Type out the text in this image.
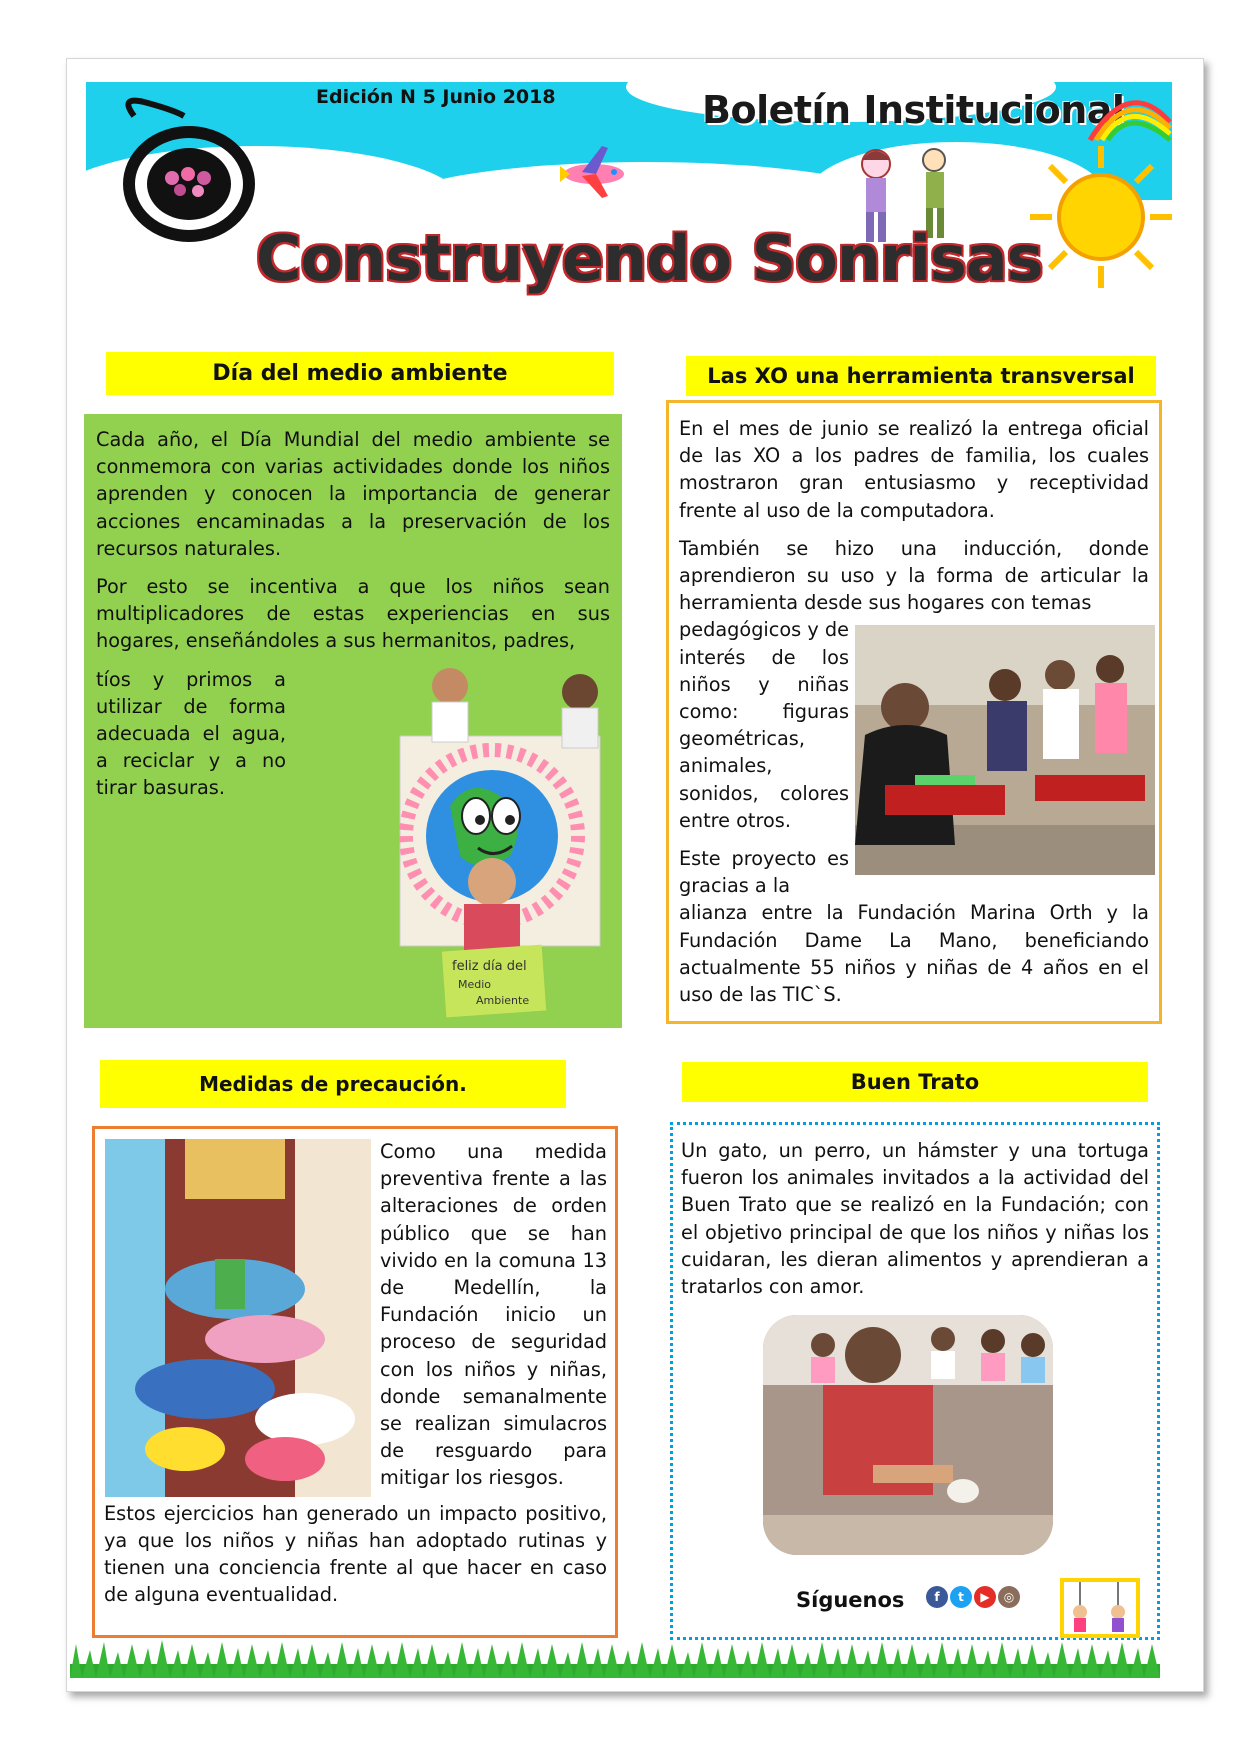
Edición N 5 Junio 2018	Boletín Institucional
Construyendo Sonrisas
Día del medio ambiente

Cada año, el Día Mundial del medio ambiente se conmemora con varias actividades donde los niños aprenden y conocen la importancia de generar acciones encaminadas a la preservación de los recursos naturales.

Por esto se incentiva a que los niños sean multiplicadores de estas experiencias en sus hogares, enseñándoles a sus hermanitos, padres,

tíos y primos a utilizar de forma adecuada el agua, a reciclar y a no tirar basuras.

feliz día del
Medio
Ambiente
Las XO una herramienta transversal

En el mes de junio se realizó la entrega oficial de las XO a los padres de familia, los cuales mostraron gran entusiasmo y receptividad frente al uso de la computadora.

También se hizo una inducción, donde aprendieron su uso y la forma de articular la herramienta desde sus hogares con temas

pedagógicos y de interés de los niños y niñas como: figuras geométricas, animales, sonidos, colores entre otros.

Este proyecto es gracias a la

alianza entre la Fundación Marina Orth y la Fundación Dame La Mano, beneficiando actualmente 55 niños y niñas de 4 años en el uso de las TIC`S.

Medidas de precaución.

Como una medida preventiva frente a las alteraciones de orden público que se han vivido en la comuna 13 de Medellín, la Fundación inicio un proceso de seguridad con los niños y niñas, donde semanalmente se realizan simulacros de resguardo para mitigar los riesgos.

Estos ejercicios han generado un impacto positivo, ya que los niños y niñas han adoptado rutinas y tienen una conciencia frente al que hacer en caso de alguna eventualidad.

Buen Trato

Un gato, un perro, un hámster y una tortuga fueron los animales invitados a la actividad del Buen Trato que se realizó en la Fundación; con el objetivo principal de que los niños y niñas los cuidaran, les dieran alimentos y aprendieran a tratarlos con amor.

Síguenos	f	t	▶	◎
